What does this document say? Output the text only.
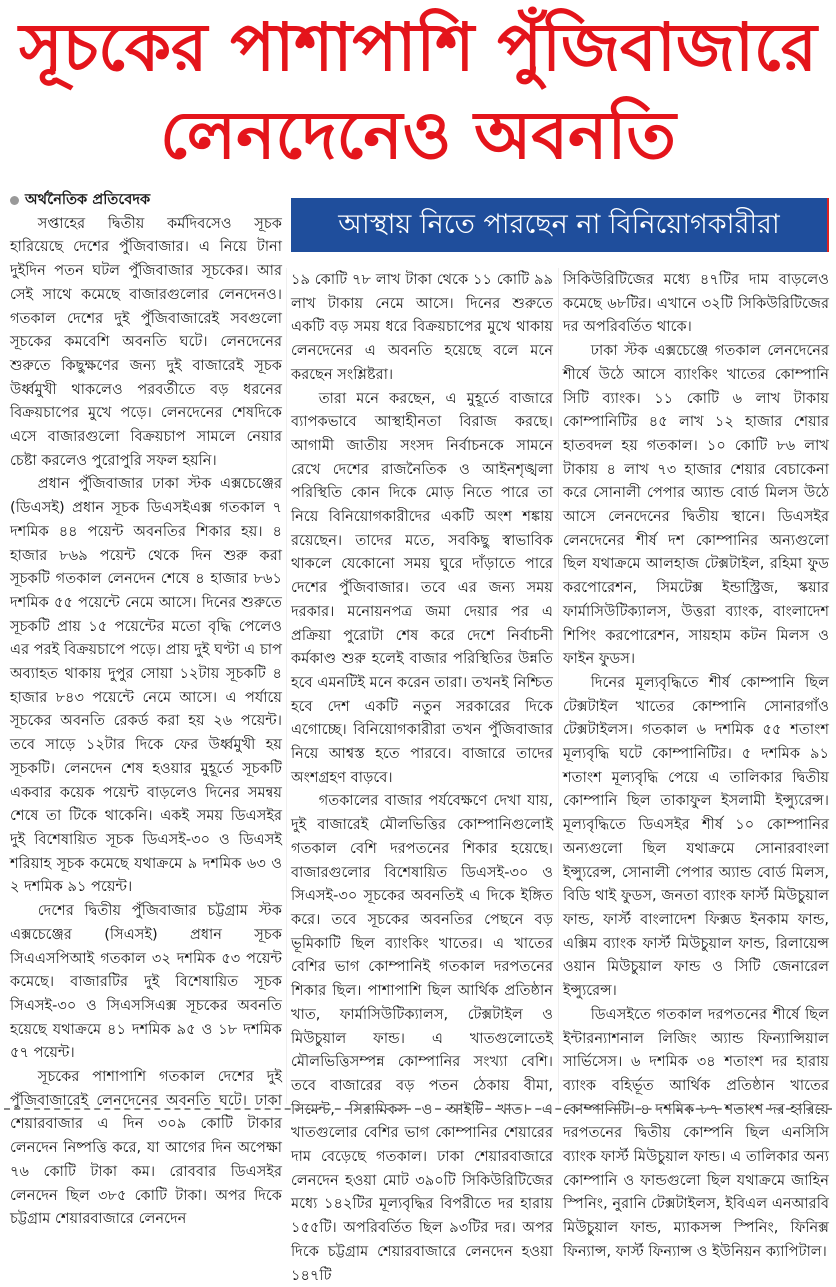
সূচকের পাশাপাশি পুঁজিবাজারে
লেনদেনেও অবনতি
আস্থায় নিতে পারছেন না বিনিয়োগকারীরা

অর্থনৈতিক প্রতিবেদক

সপ্তাহের দ্বিতীয় কর্মদিবসেও সূচক হারিয়েছে দেশের পুঁজিবাজার। এ নিয়ে টানা দুইদিন পতন ঘটল পুঁজিবাজার সূচকের। আর সেই সাথে কমেছে বাজারগুলোর লেনদেনও। গতকাল দেশের দুই পুঁজিবাজারেই সবগুলো সূচকের কমবেশি অবনতি ঘটে। লেনদেনের শুরুতে কিছুক্ষণের জন্য দুই বাজারেই সূচক উর্ধ্বমুখী থাকলেও পরবর্তীতে বড় ধরনের বিক্রয়চাপের মুখে পড়ে। লেনদেনের শেষদিকে এসে বাজারগুলো বিক্রয়চাপ সামলে নেয়ার চেষ্টা করলেও পুরোপুরি সফল হয়নি।

প্রধান পুঁজিবাজার ঢাকা স্টক এক্সচেঞ্জের (ডিএসই) প্রধান সূচক ডিএসইএক্স গতকাল ৭ দশমিক ৪৪ পয়েন্ট অবনতির শিকার হয়। ৪ হাজার ৮৬৯ পয়েন্ট থেকে দিন শুরু করা সূচকটি গতকাল লেনদেন শেষে ৪ হাজার ৮৬১ দশমিক ৫৫ পয়েন্টে নেমে আসে। দিনের শুরুতে সূচকটি প্রায় ১৫ পয়েন্টের মতো বৃদ্ধি পেলেও এর পরই বিক্রয়চাপে পড়ে। প্রায় দুই ঘণ্টা এ চাপ অব্যাহত থাকায় দুপুর সোয়া ১২টায় সূচকটি ৪ হাজার ৮৪৩ পয়েন্টে নেমে আসে। এ পর্যায়ে সূচকের অবনতি রেকর্ড করা হয় ২৬ পয়েন্ট। তবে সাড়ে ১২টার দিকে ফের উর্ধ্বমুখী হয় সূচকটি। লেনদেন শেষ হওয়ার মুহূর্তে সূচকটি একবার কয়েক পয়েন্ট বাড়লেও দিনের সমন্বয় শেষে তা টিকে থাকেনি। একই সময় ডিএসইর দুই বিশেষায়িত সূচক ডিএসই-৩০ ও ডিএসই শরিয়াহ সূচক কমেছে যথাক্রমে ৯ দশমিক ৬৩ ও ২ দশমিক ৯১ পয়েন্ট।

দেশের দ্বিতীয় পুঁজিবাজার চট্টগ্রাম স্টক এক্সচেঞ্জের (সিএসই) প্রধান সূচক সিএএসপিআই গতকাল ৩২ দশমিক ৫৩ পয়েন্ট কমেছে। বাজারটির দুই বিশেষায়িত সূচক সিএসই-৩০ ও সিএসসিএক্স সূচকের অবনতি হয়েছে যথাক্রমে ৪১ দশমিক ৯৫ ও ১৮ দশমিক ৫৭ পয়েন্ট।

সূচকের পাশাপাশি গতকাল দেশের দুই পুঁজিবাজারেই লেনদেনের অবনতি ঘটে। ঢাকা শেয়ারবাজার এ দিন ৩০৯ কোটি টাকার লেনদেন নিষ্পত্তি করে, যা আগের দিন অপেক্ষা ৭৬ কোটি টাকা কম। রোববার ডিএসইর লেনদেন ছিল ৩৮৫ কোটি টাকা। অপর দিকে চট্টগ্রাম শেয়ারবাজারে লেনদেন

১৯ কোটি ৭৮ লাখ টাকা থেকে ১১ কোটি ৯৯ লাখ টাকায় নেমে আসে। দিনের শুরুতে একটি বড় সময় ধরে বিক্রয়চাপের মুখে থাকায় লেনদেনের এ অবনতি হয়েছে বলে মনে করছেন সংশ্লিষ্টরা।

তারা মনে করছেন, এ মুহূর্তে বাজারে ব্যাপকভাবে আস্থাহীনতা বিরাজ করছে। আগামী জাতীয় সংসদ নির্বাচনকে সামনে রেখে দেশের রাজনৈতিক ও আইনশৃঙ্খলা পরিস্থিতি কোন দিকে মোড় নিতে পারে তা নিয়ে বিনিয়োগকারীদের একটি অংশ শঙ্কায় রয়েছেন। তাদের মতে, সবকিছু স্বাভাবিক থাকলে যেকোনো সময় ঘুরে দাঁড়াতে পারে দেশের পুঁজিবাজার। তবে এর জন্য সময় দরকার। মনোয়নপত্র জমা দেয়ার পর এ প্রক্রিয়া পুরোটা শেষ করে দেশে নির্বাচনী কর্মকাণ্ড শুরু হলেই বাজার পরিস্থিতির উন্নতি হবে এমনটিই মনে করেন তারা। তখনই নিশ্চিত হবে দেশ একটি নতুন সরকারের দিকে এগোচ্ছে। বিনিয়োগকারীরা তখন পুঁজিবাজার নিয়ে আশ্বস্ত হতে পারবে। বাজারে তাদের অংশগ্রহণ বাড়বে।

গতকালের বাজার পর্যবেক্ষণে দেখা যায়, দুই বাজারেই মৌলভিত্তির কোম্পানিগুলোই গতকাল বেশি দরপতনের শিকার হয়েছে। বাজারগুলোর বিশেষায়িত ডিএসই-৩০ ও সিএসই-৩০ সূচকের অবনতিই এ দিকে ইঙ্গিত করে। তবে সূচকের অবনতির পেছনে বড় ভূমিকাটি ছিল ব্যাংকিং খাতের। এ খাতের বেশির ভাগ কোম্পানিই গতকাল দরপতনের শিকার ছিল। পাশাপাশি ছিল আর্থিক প্রতিষ্ঠান খাত, ফার্মাসিউটিক্যালস, টেক্সটাইল ও মিউচুয়াল ফান্ড। এ খাতগুলোতেই মৌলভিত্তিসম্পন্ন কোম্পানির সংখ্যা বেশি। তবে বাজারের বড় পতন ঠেকায় বীমা, সিমেন্ট, সিরামিকস ও আইটি খাত। এ খাতগুলোর বেশির ভাগ কোম্পানির শেয়ারের দাম বেড়েছে গতকাল। ঢাকা শেয়ারবাজারে লেনদেন হওয়া মোট ৩৯০টি সিকিউরিটিজের মধ্যে ১৪২টির মূল্যবৃদ্ধির বিপরীতে দর হারায় ১৫৫টি। অপরিবর্তিত ছিল ৯৩টির দর। অপর দিকে চট্টগ্রাম শেয়ারবাজারে লেনদেন হওয়া ১৪৭টি

সিকিউরিটিজের মধ্যে ৪৭টির দাম বাড়লেও কমেছে ৬৮টির। এখানে ৩২টি সিকিউরিটিজের দর অপরিবর্তিত থাকে।

ঢাকা স্টক এক্সচেঞ্জে গতকাল লেনদেনের শীর্ষে উঠে আসে ব্যাংকিং খাতের কোম্পানি সিটি ব্যাংক। ১১ কোটি ৬ লাখ টাকায় কোম্পানিটির ৪৫ লাখ ১২ হাজার শেয়ার হাতবদল হয় গতকাল। ১০ কোটি ৮৬ লাখ টাকায় ৪ লাখ ৭৩ হাজার শেয়ার বেচাকেনা করে সোনালী পেপার অ্যান্ড বোর্ড মিলস উঠে আসে লেনদেনের দ্বিতীয় স্থানে। ডিএসইর লেনদেনের শীর্ষ দশ কোম্পানির অন্যগুলো ছিল যথাক্রমে আলহাজ টেক্সটাইল, রহিমা ফুড করপোরেশন, সিমটেক্স ইন্ডাস্ট্রিজ, স্কয়ার ফার্মাসিউটিক্যালস, উত্তরা ব্যাংক, বাংলাদেশ শিপিং করপোরেশন, সায়হাম কটন মিলস ও ফাইন ফুডস।

দিনের মূল্যবৃদ্ধিতে শীর্ষ কোম্পানি ছিল টেক্সটাইল খাতের কোম্পানি সোনারগাঁও টেক্সটাইলস। গতকাল ৬ দশমিক ৫৫ শতাংশ মূল্যবৃদ্ধি ঘটে কোম্পানিটির। ৫ দশমিক ৯১ শতাংশ মূল্যবৃদ্ধি পেয়ে এ তালিকার দ্বিতীয় কোম্পানি ছিল তাকাফুল ইসলামী ইন্স্যুরেন্স। মূল্যবৃদ্ধিতে ডিএসইর শীর্ষ ১০ কোম্পানির অন্যগুলো ছিল যথাক্রমে সোনারবাংলা ইন্স্যুরেন্স, সোনালী পেপার অ্যান্ড বোর্ড মিলস, বিডি থাই ফুডস, জনতা ব্যাংক ফার্স্ট মিউচুয়াল ফান্ড, ফার্স্ট বাংলাদেশ ফিক্সড ইনকাম ফান্ড, এক্সিম ব্যাংক ফার্স্ট মিউচুয়াল ফান্ড, রিলায়েন্স ওয়ান মিউচুয়াল ফান্ড ও সিটি জেনারেল ইন্স্যুরেন্স।

ডিএসইতে গতকাল দরপতনের শীর্ষে ছিল ইন্টারন্যাশনাল লিজিং অ্যান্ড ফিন্যান্সিয়াল সার্ভিসেস। ৬ দশমিক ৩৪ শতাংশ দর হারায় ব্যাংক বহির্ভূত আর্থিক প্রতিষ্ঠান খাতের কোম্পানিটি। ৪ দশমিক ৮৭ শতাংশ দর হারিয়ে দরপতনের দ্বিতীয় কোম্পনি ছিল এনসিসি ব্যাংক ফার্স্ট মিউচুয়াল ফান্ড। এ তালিকার অন্য কোম্পানি ও ফান্ডগুলো ছিল যথাক্রমে জাহিন স্পিনিং, নুরানি টেক্সটাইলস, ইবিএল এনআরবি মিউচুয়াল ফান্ড, ম্যাকসন্স স্পিনিং, ফিনিক্স ফিন্যান্স, ফার্স্ট ফিন্যান্স ও ইউনিয়ন ক্যাপিটাল।
